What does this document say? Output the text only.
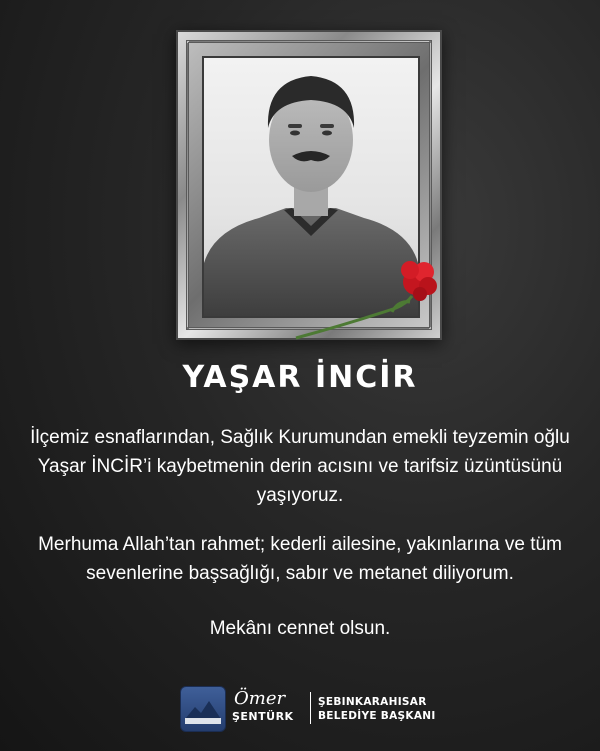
YAŞAR İNCİR

İlçemiz esnaflarından, Sağlık Kurumundan emekli teyzemin oğlu Yaşar İNCİR’i kaybetmenin derin acısını ve tarifsiz üzüntüsünü yaşıyoruz.

Merhuma Allah’tan rahmet; kederli ailesine, yakınlarına ve tüm sevenlerine başsağlığı, sabır ve metanet diliyorum.

Mekânı cennet olsun.

Ömer
ŞENTÜRK
ŞEBINKARAHISAR
BELEDİYE BAŞKANI
